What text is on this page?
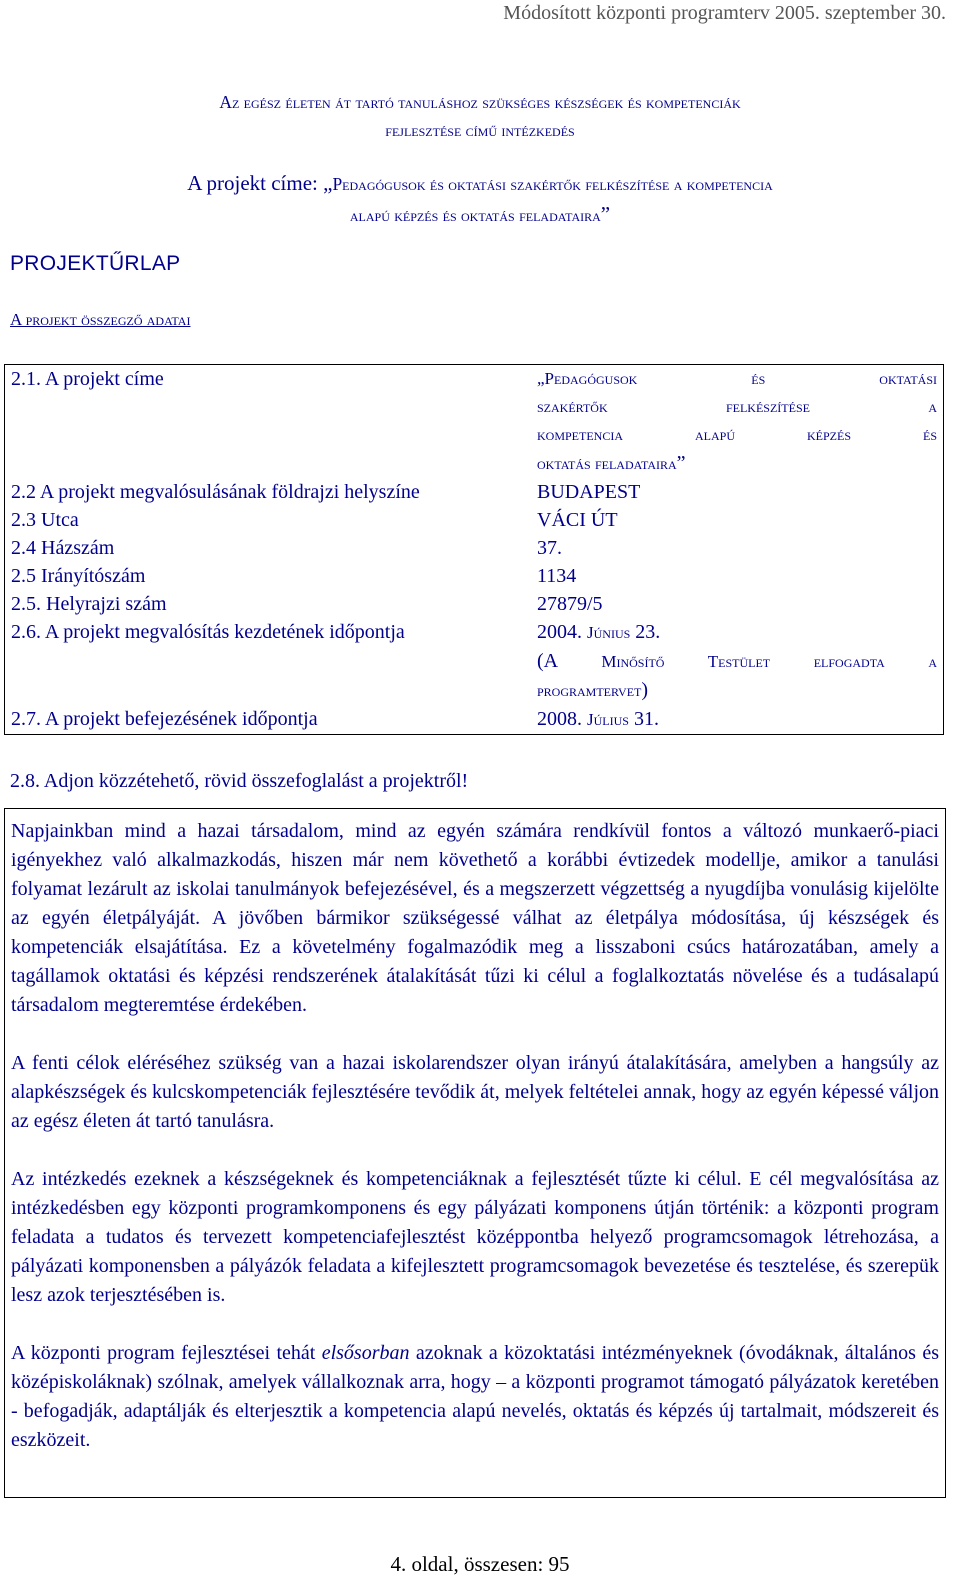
Módosított központi programterv 2005. szeptember 30.
Az egész életen át tartó tanuláshoz szükséges készségek és kompetenciák
fejlesztése című intézkedés
A projekt címe: „Pedagógusok és oktatási szakértők felkészítése a kompetencia
alapú képzés és oktatás feladataira”
PROJEKTŰRLAP
A projekt összegző adatai
2.1. A projekt címe	„Pedagógusok és oktatási
szakértők felkészítése a
kompetencia alapú képzés és
oktatás feladataira”

2.2 A projekt megvalósulásának földrajzi helyszíne	BUDAPEST
2.3 Utca	VÁCI ÚT
2.4 Házszám	37.
2.5 Irányítószám	1134
2.5. Helyrajzi szám	27879/5
2.6. A projekt megvalósítás kezdetének időpontja	2004. Június 23.
(A Minősítő Testület elfogadta a
programtervet)

2.7. A projekt befejezésének időpontja	2008. Július 31.
2.8. Adjon közzétehető, rövid összefoglalást a projektről!

Napjainkban mind a hazai társadalom, mind az egyén számára rendkívül fontos a változó munkaerő-piaci igényekhez való alkalmazkodás, hiszen már nem követhető a korábbi évtizedek modellje, amikor a tanulási folyamat lezárult az iskolai tanulmányok befejezésével, és a megszerzett végzettség a nyugdíjba vonulásig kijelölte az egyén életpályáját. A jövőben bármikor szükségessé válhat az életpálya módosítása, új készségek és kompetenciák elsajátítása. Ez a követelmény fogalmazódik meg a lisszaboni csúcs határozatában, amely a tagállamok oktatási és képzési rendszerének átalakítását tűzi ki célul a foglalkoztatás növelése és a tudásalapú társadalom megteremtése érdekében.

A fenti célok eléréséhez szükség van a hazai iskolarendszer olyan irányú átalakítására, amelyben a hangsúly az alapkészségek és kulcskompetenciák fejlesztésére tevődik át, melyek feltételei annak, hogy az egyén képessé váljon az egész életen át tartó tanulásra.

Az intézkedés ezeknek a készségeknek és kompetenciáknak a fejlesztését tűzte ki célul. E cél megvalósítása az intézkedésben egy központi programkomponens és egy pályázati komponens útján történik: a központi program feladata a tudatos és tervezett kompetenciafejlesztést középpontba helyező programcsomagok létrehozása, a pályázati komponensben a pályázók feladata a kifejlesztett programcsomagok bevezetése és tesztelése, és szerepük lesz azok terjesztésében is.

A központi program fejlesztései tehát elsősorban azoknak a közoktatási intézményeknek (óvodáknak, általános és középiskoláknak) szólnak, amelyek vállalkoznak arra, hogy – a központi programot támogató pályázatok keretében - befogadják, adaptálják és elterjesztik a kompetencia alapú nevelés, oktatás és képzés új tartalmait, módszereit és eszközeit.

4. oldal, összesen: 95
